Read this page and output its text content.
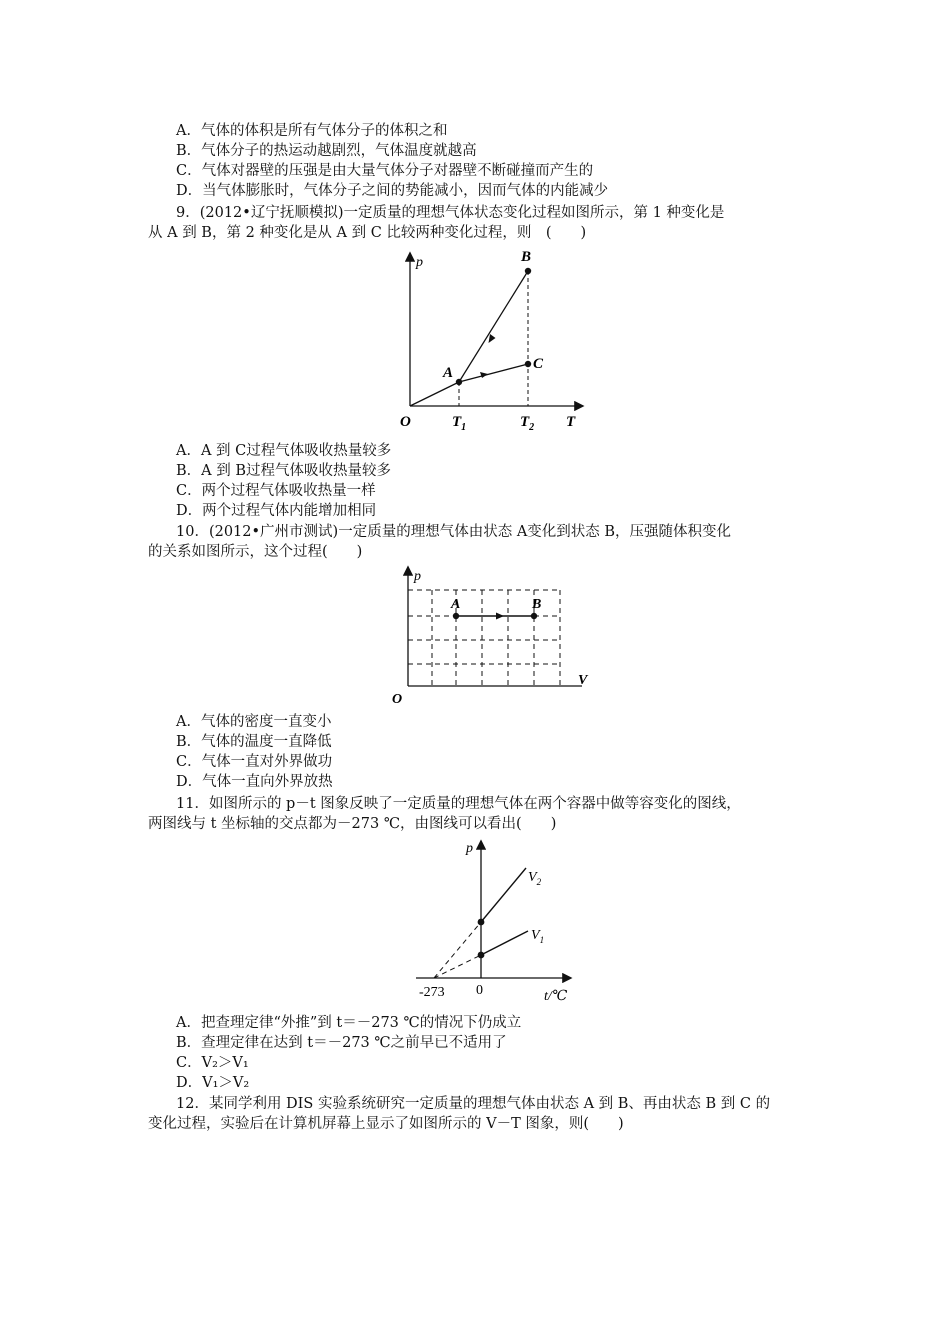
A．气体的体积是所有气体分子的体积之和
B．气体分子的热运动越剧烈，气体温度就越高
C．气体对器壁的压强是由大量气体分子对器壁不断碰撞而产生的
D．当气体膨胀时，气体分子之间的势能减小，因而气体的内能减少
9．(2012•辽宁抚顺模拟)一定质量的理想气体状态变化过程如图所示，第 1 种变化是
从 A 到 B，第 2 种变化是从 A 到 C 比较两种变化过程，则　(　　)
p	B
C
A
O	$T_1$	$T_2$ T
A．A 到 C过程气体吸收热量较多
B．A 到 B过程气体吸收热量较多
C．两个过程气体吸收热量一样
D．两个过程气体内能增加相同
10．(2012•广州市测试)一定质量的理想气体由状态 A变化到状态 B，压强随体积变化
的关系如图所示，这个过程(　　)
p
A	B
V
O
A．气体的密度一直变小
B．气体的温度一直降低
C．气体一直对外界做功
D．气体一直向外界放热
11．如图所示的 p－t 图象反映了一定质量的理想气体在两个容器中做等容变化的图线，
两图线与 t 坐标轴的交点都为－273 ℃，由图线可以看出(　　)
p
$V_2$
$V_1$
-273 0	t/℃
A．把查理定律“外推”到 t＝－273 ℃的情况下仍成立
B．查理定律在达到 t＝－273 ℃之前早已不适用了
C．V₂＞V₁
D．V₁＞V₂
12．某同学利用 DIS 实验系统研究一定质量的理想气体由状态 A 到 B、再由状态 B 到 C 的
变化过程，实验后在计算机屏幕上显示了如图所示的 V－T 图象，则(　　)
